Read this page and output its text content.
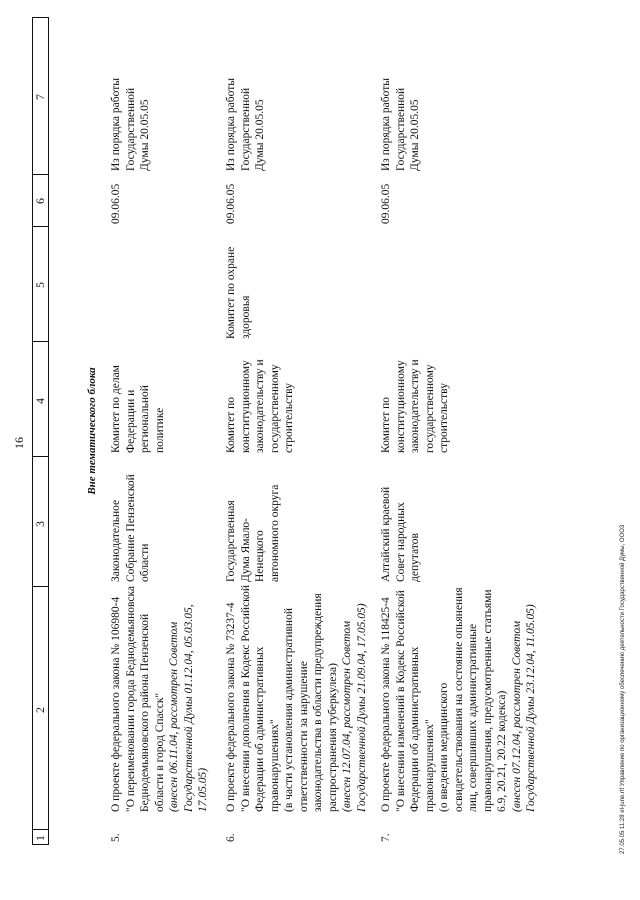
16
1
2
3
4
5
6
7
Вне тематического блока
5.
О проекте федерального закона № 106980-4 "О переименовании города Беднодемьяновска Беднодемьяновского района Пензенской области в город Спасск" (внесен 06.11.04, рассмотрен Советом Государственной Думы 01.12.04, 05.03.05, 17.05.05)
Законодательное Собрание Пензенской области
Комитет по делам Федерации и региональной политике
09.06.05
Из порядка работы Государственной Думы 20.05.05
6.
О проекте федерального закона № 73237-4 "О внесении дополнения в Кодекс Российской Федерации об административных правонарушениях" (в части установления административной ответственности за нарушение законодательства в области предупреждения распространения туберкулеза) (внесен 12.07.04, рассмотрен Советом Государственной Думы 21.09.04, 17.05.05)
Государственная Дума Ямало- Ненецкого автономного округа
Комитет по конституционному законодательству и государственному строительству
Комитет по охране здоровья
09.06.05
Из порядка работы Государственной Думы 20.05.05
7.
О проекте федерального закона № 118425-4 "О внесении изменений в Кодекс Российской Федерации об административных правонарушениях" (о введении медицинского освидетельствования на состояние опьянения лиц, совершивших административные правонарушения, предусмотренные статьями 6.9, 20.21, 20.22 кодекса) (внесен 07.12.04, рассмотрен Советом Государственной Думы 23.12.04, 11.05.05)
Алтайский краевой Совет народных депутатов
Комитет по конституционному законодательству и государственному строительству
09.06.05
Из порядка работы Государственной Думы 20.05.05
27.05.05 11:28 el-june.rtf Управление по организационному обеспечению деятельности Государственной Думы, ООО3
